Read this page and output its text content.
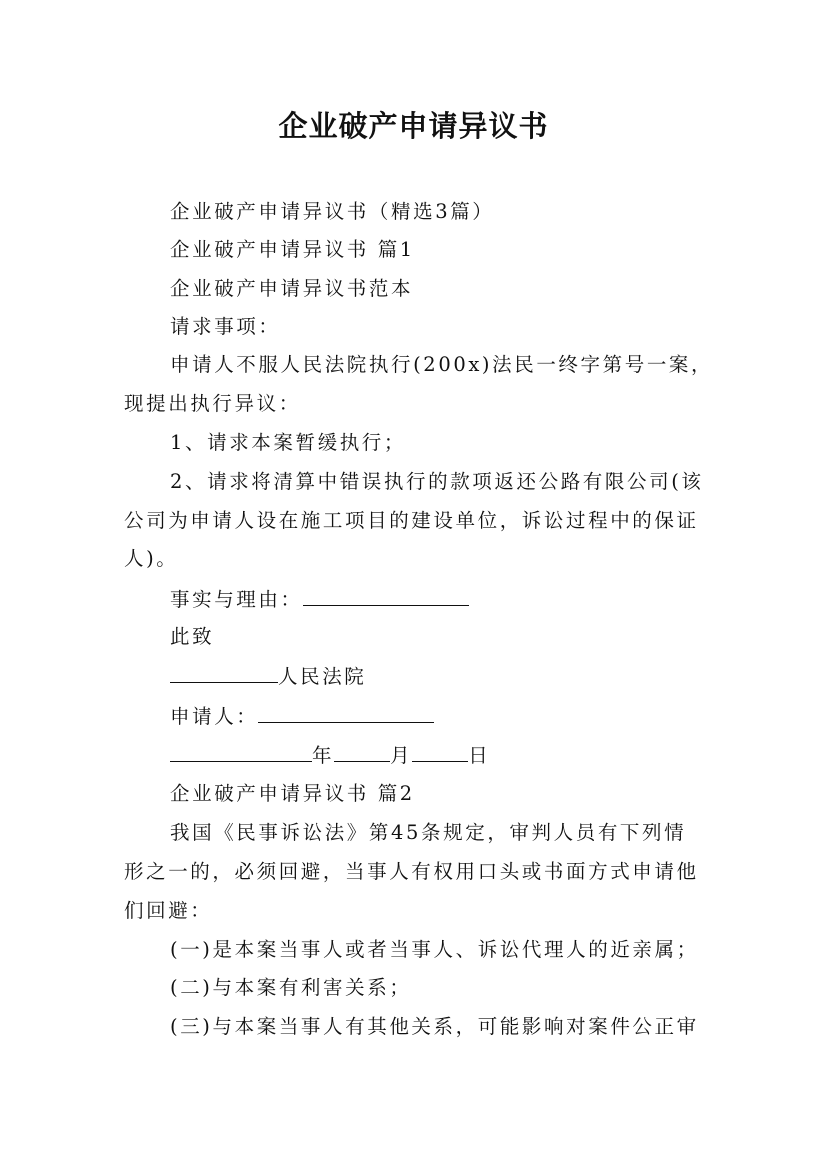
企业破产申请异议书
企业破产申请异议书（精选3篇）
企业破产申请异议书 篇1
企业破产申请异议书范本
请求事项：
申请人不服人民法院执行(200x)法民一终字第号一案，
现提出执行异议：
1、请求本案暂缓执行；
2、请求将清算中错误执行的款项返还公路有限公司(该
公司为申请人设在施工项目的建设单位，诉讼过程中的保证
人)。
事实与理由：
此致
人民法院
申请人：
年	月	日
企业破产申请异议书 篇2
我国《民事诉讼法》第45条规定，审判人员有下列情
形之一的，必须回避，当事人有权用口头或书面方式申请他
们回避：
(一)是本案当事人或者当事人、诉讼代理人的近亲属；
(二)与本案有利害关系；
(三)与本案当事人有其他关系，可能影响对案件公正审
